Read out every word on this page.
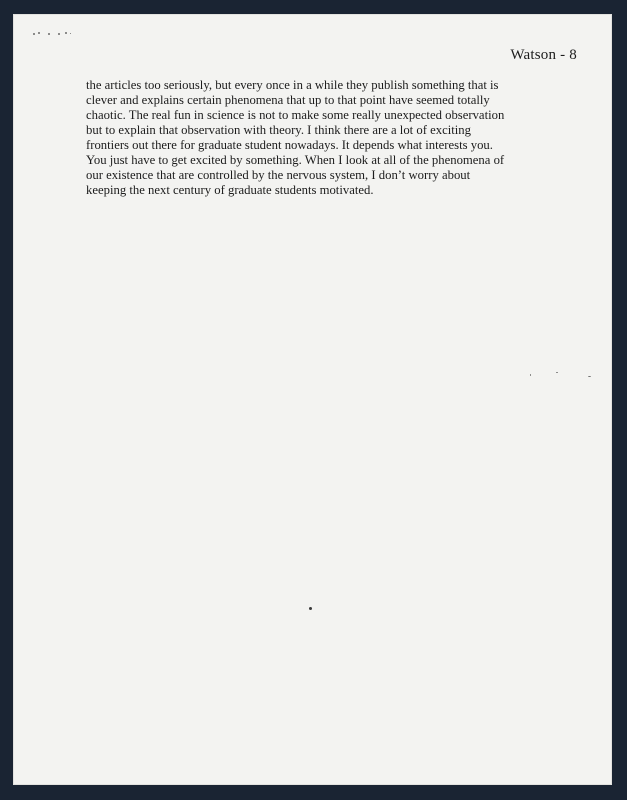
Watson - 8
the articles too seriously, but every once in a while they publish something that is
clever and explains certain phenomena that up to that point have seemed totally
chaotic. The real fun in science is not to make some really unexpected observation
but to explain that observation with theory. I think there are a lot of exciting
frontiers out there for graduate student nowadays. It depends what interests you.
You just have to get excited by something. When I look at all of the phenomena of
our existence that are controlled by the nervous system, I don’t worry about
keeping the next century of graduate students motivated.
